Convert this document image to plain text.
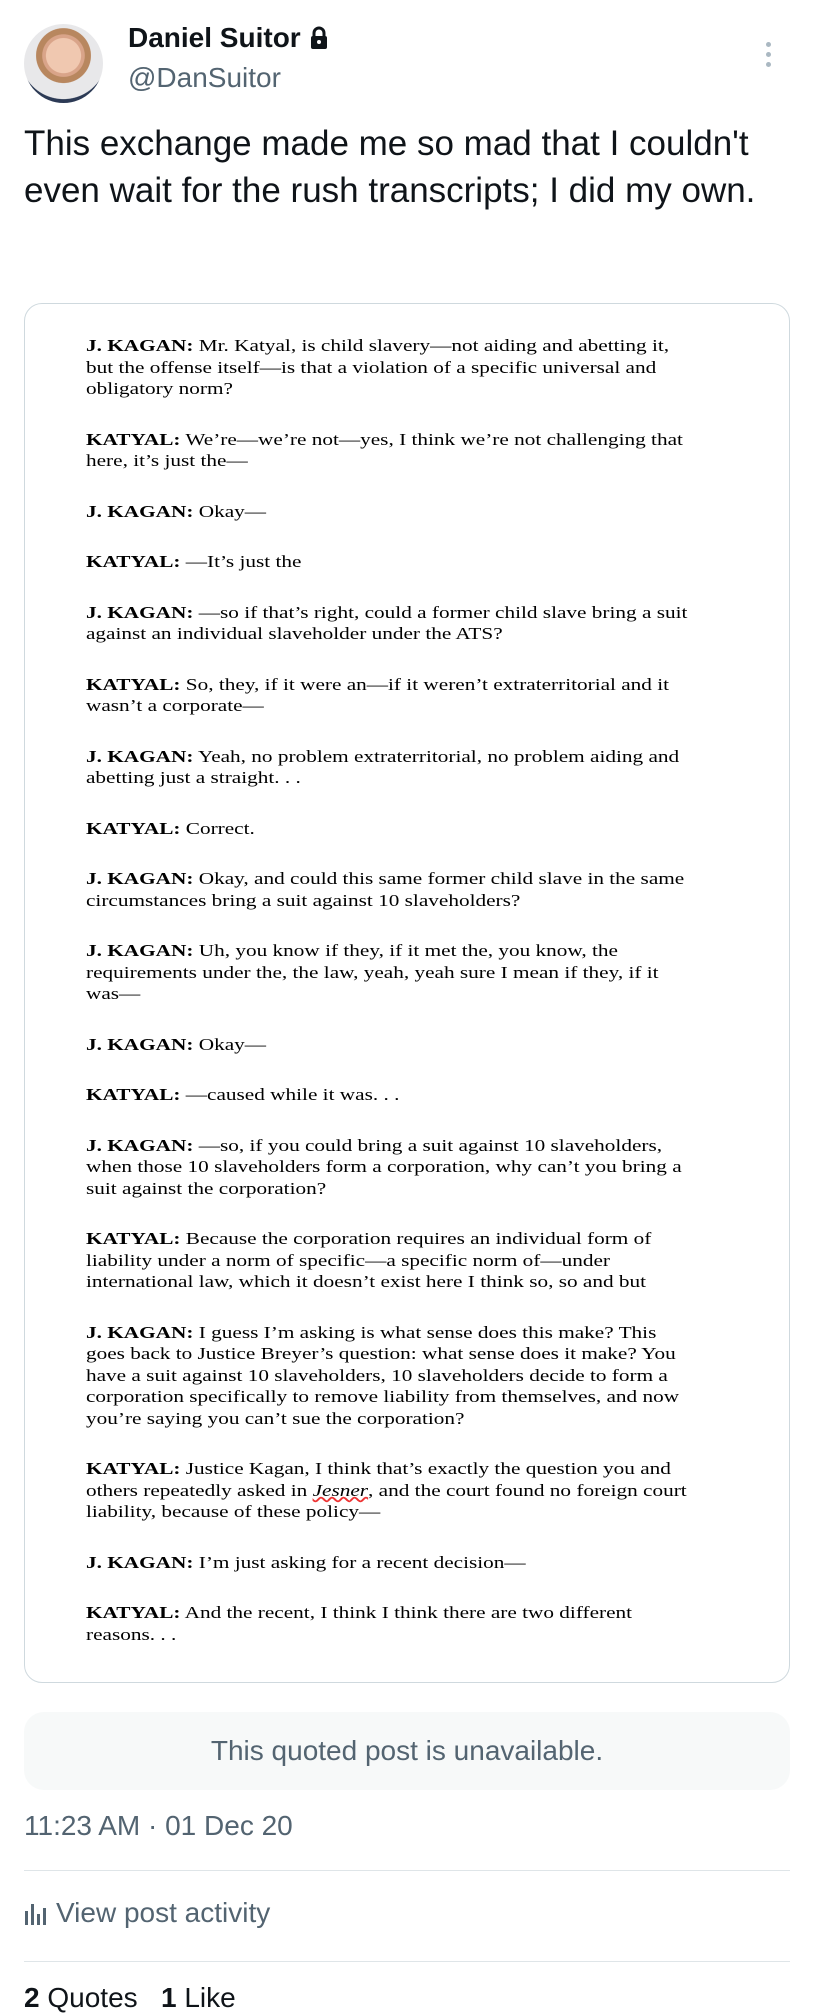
Daniel Suitor
@DanSuitor
This exchange made me so mad that I couldn't even wait for the rush transcripts; I did my own.

J. KAGAN: Mr. Katyal, is child slavery—not aiding and abetting it,
but the offense itself—is that a violation of a specific universal and
obligatory norm?

KATYAL: We’re—we’re not—yes, I think we’re not challenging that
here, it’s just the—

J. KAGAN: Okay—

KATYAL: —It’s just the

J. KAGAN: —so if that’s right, could a former child slave bring a suit
against an individual slaveholder under the ATS?

KATYAL: So, they, if it were an—if it weren’t extraterritorial and it
wasn’t a corporate—

J. KAGAN: Yeah, no problem extraterritorial, no problem aiding and
abetting just a straight. . .

KATYAL: Correct.

J. KAGAN: Okay, and could this same former child slave in the same
circumstances bring a suit against 10 slaveholders?

J. KAGAN: Uh, you know if they, if it met the, you know, the
requirements under the, the law, yeah, yeah sure I mean if they, if it
was—

J. KAGAN: Okay—

KATYAL: —caused while it was. . .

J. KAGAN: —so, if you could bring a suit against 10 slaveholders,
when those 10 slaveholders form a corporation, why can’t you bring a
suit against the corporation?

KATYAL: Because the corporation requires an individual form of
liability under a norm of specific—a specific norm of—under
international law, which it doesn’t exist here I think so, so and but

J. KAGAN: I guess I’m asking is what sense does this make? This
goes back to Justice Breyer’s question: what sense does it make? You
have a suit against 10 slaveholders, 10 slaveholders decide to form a
corporation specifically to remove liability from themselves, and now
you’re saying you can’t sue the corporation?

KATYAL: Justice Kagan, I think that’s exactly the question you and
others repeatedly asked in Jesner, and the court found no foreign court
liability, because of these policy—

J. KAGAN: I’m just asking for a recent decision—

KATYAL: And the recent, I think I think there are two different
reasons. . .

This quoted post is unavailable.
11:23 AM · 01 Dec 20
View post activity
2 Quotes 1 Like
